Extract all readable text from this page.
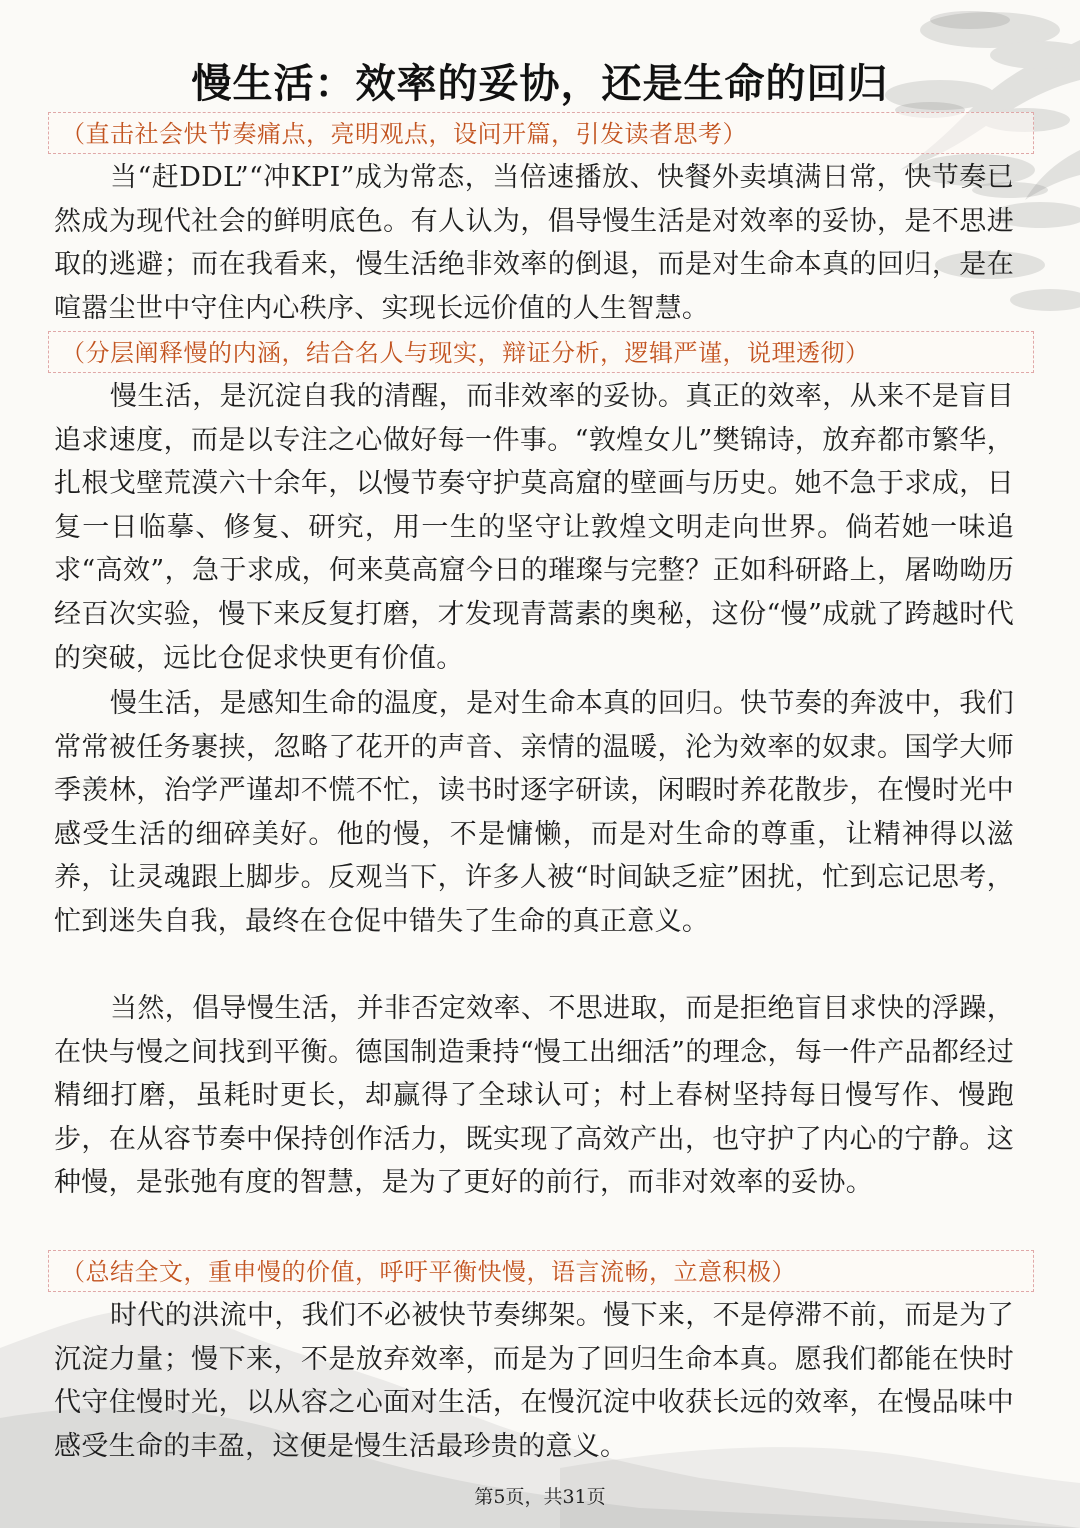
慢生活：效率的妥协，还是生命的回归
（直击社会快节奏痛点，亮明观点，设问开篇，引发读者思考）

当“赶DDL”“冲KPI”成为常态，当倍速播放、快餐外卖填满日常，快节奏已然成为现代社会的鲜明底色。有人认为，倡导慢生活是对效率的妥协，是不思进取的逃避；而在我看来，慢生活绝非效率的倒退，而是对生命本真的回归，是在喧嚣尘世中守住内心秩序、实现长远价值的人生智慧。

（分层阐释慢的内涵，结合名人与现实，辩证分析，逻辑严谨，说理透彻）

慢生活，是沉淀自我的清醒，而非效率的妥协。真正的效率，从来不是盲目追求速度，而是以专注之心做好每一件事。“敦煌女儿”樊锦诗，放弃都市繁华，扎根戈壁荒漠六十余年，以慢节奏守护莫高窟的壁画与历史。她不急于求成，日复一日临摹、修复、研究，用一生的坚守让敦煌文明走向世界。倘若她一味追求“高效”，急于求成，何来莫高窟今日的璀璨与完整？正如科研路上，屠呦呦历经百次实验，慢下来反复打磨，才发现青蒿素的奥秘，这份“慢”成就了跨越时代的突破，远比仓促求快更有价值。

慢生活，是感知生命的温度，是对生命本真的回归。快节奏的奔波中，我们常常被任务裹挟，忽略了花开的声音、亲情的温暖，沦为效率的奴隶。国学大师季羡林，治学严谨却不慌不忙，读书时逐字研读，闲暇时养花散步，在慢时光中感受生活的细碎美好。他的慢，不是慵懒，而是对生命的尊重，让精神得以滋养，让灵魂跟上脚步。反观当下，许多人被“时间缺乏症”困扰，忙到忘记思考，忙到迷失自我，最终在仓促中错失了生命的真正意义。

当然，倡导慢生活，并非否定效率、不思进取，而是拒绝盲目求快的浮躁，在快与慢之间找到平衡。德国制造秉持“慢工出细活”的理念，每一件产品都经过精细打磨，虽耗时更长，却赢得了全球认可；村上春树坚持每日慢写作、慢跑步，在从容节奏中保持创作活力，既实现了高效产出，也守护了内心的宁静。这种慢，是张弛有度的智慧，是为了更好的前行，而非对效率的妥协。

（总结全文，重申慢的价值，呼吁平衡快慢，语言流畅，立意积极）

时代的洪流中，我们不必被快节奏绑架。慢下来，不是停滞不前，而是为了沉淀力量；慢下来，不是放弃效率，而是为了回归生命本真。愿我们都能在快时代守住慢时光，以从容之心面对生活，在慢沉淀中收获长远的效率，在慢品味中感受生命的丰盈，这便是慢生活最珍贵的意义。

第5页，共31页
